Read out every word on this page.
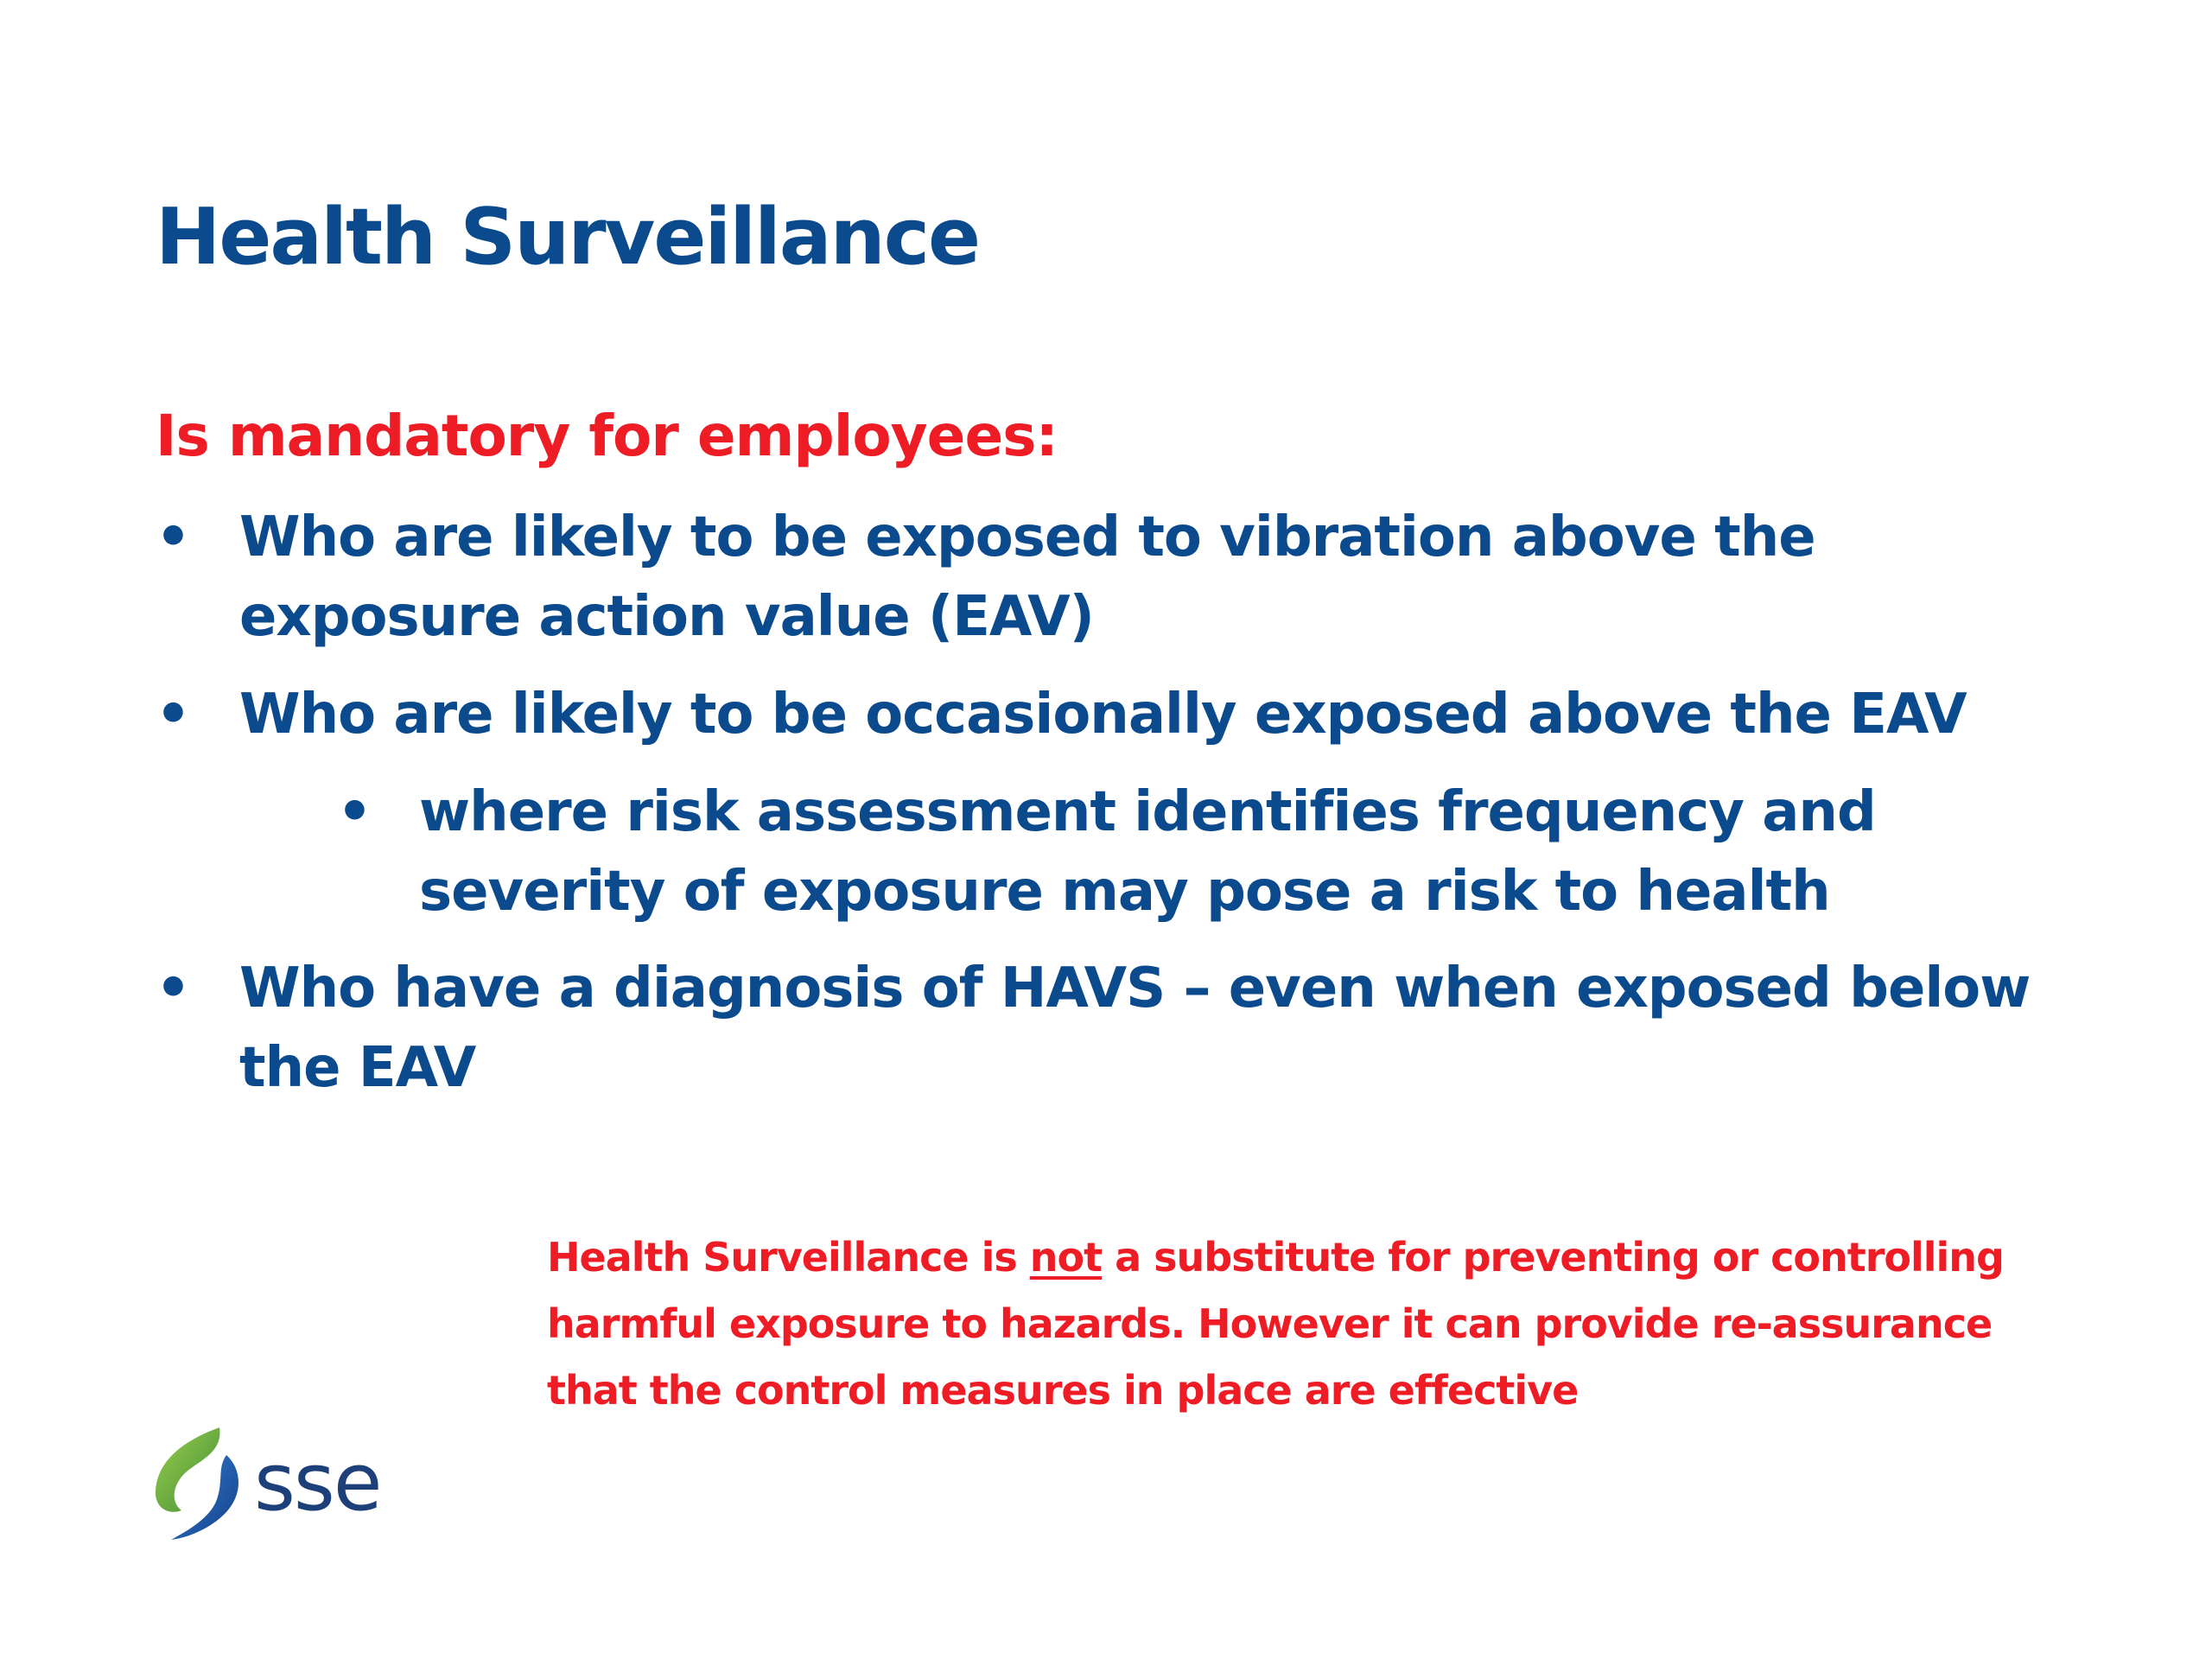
Health Surveillance
Is mandatory for employees:
• Who are likely to be exposed to vibration above the
exposure action value (EAV)
• Who are likely to be occasionally exposed above the EAV
• where risk assessment identifies frequency and
severity of exposure may pose a risk to health
• Who have a diagnosis of HAVS – even when exposed below
the EAV
Health Surveillance is not a substitute for preventing or controlling
harmful exposure to hazards. However it can provide re-assurance
that the control measures in place are effective
sse
